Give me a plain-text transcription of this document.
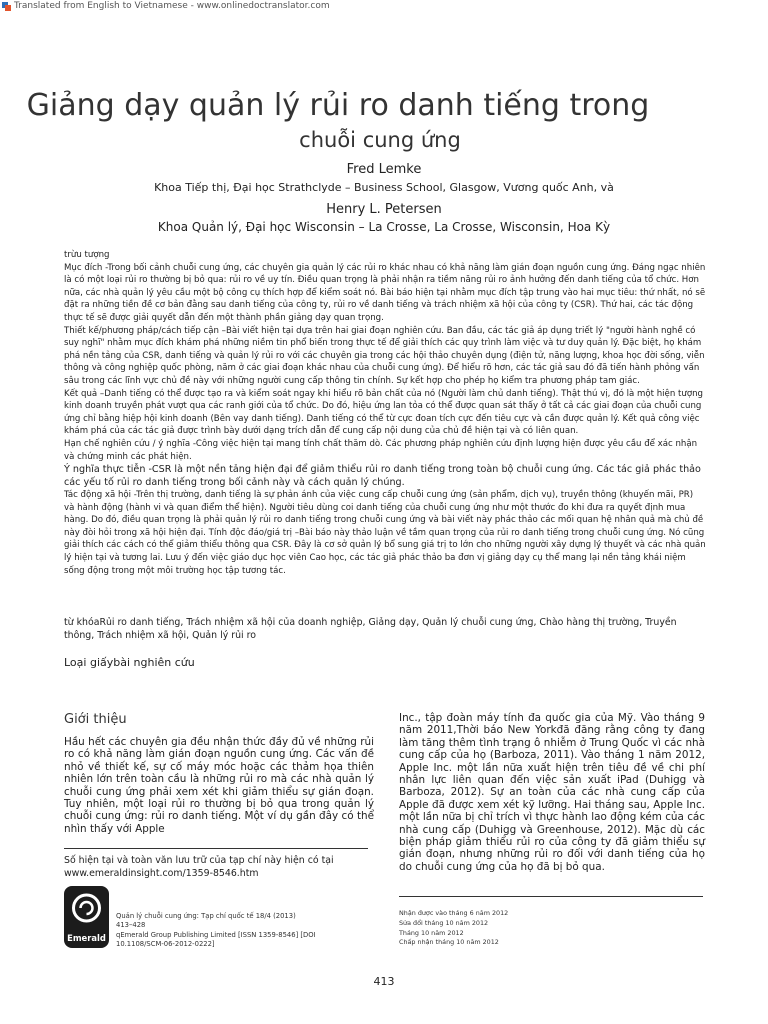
Translated from English to Vietnamese - www.onlinedoctranslator.com
Giảng dạy quản lý rủi ro danh tiếng trong
chuỗi cung ứng
Fred Lemke
Khoa Tiếp thị, Đại học Strathclyde – Business School, Glasgow, Vương quốc Anh, và
Henry L. Petersen
Khoa Quản lý, Đại học Wisconsin – La Crosse, La Crosse, Wisconsin, Hoa Kỳ
trừu tượng

Mục đích -Trong bối cảnh chuỗi cung ứng, các chuyên gia quản lý các rủi ro khác nhau có khả năng làm gián đoạn nguồn cung ứng. Đáng ngạc nhiên là có một loại rủi ro thường bị bỏ qua: rủi ro về uy tín. Điều quan trọng là phải nhận ra tiềm năng rủi ro ảnh hưởng đến danh tiếng của tổ chức. Hơn nữa, các nhà quản lý yêu cầu một bộ công cụ thích hợp để kiểm soát nó. Bài báo hiện tại nhằm mục đích tập trung vào hai mục tiêu: thứ nhất, nó sẽ đặt ra những tiền đề cơ bản đằng sau danh tiếng của công ty, rủi ro về danh tiếng và trách nhiệm xã hội của công ty (CSR). Thứ hai, các tác động thực tế sẽ được giải quyết dẫn đến một thành phần giảng dạy quan trọng.

Thiết kế/phương pháp/cách tiếp cận –Bài viết hiện tại dựa trên hai giai đoạn nghiên cứu. Ban đầu, các tác giả áp dụng triết lý "người hành nghề có suy nghĩ" nhằm mục đích khám phá những niềm tin phổ biến trong thực tế để giải thích các quy trình làm việc và tư duy quản lý. Đặc biệt, họ khám phá nền tảng của CSR, danh tiếng và quản lý rủi ro với các chuyên gia trong các hội thảo chuyên dụng (điện tử, năng lượng, khoa học đời sống, viễn thông và công nghiệp quốc phòng, năm ở các giai đoạn khác nhau của chuỗi cung ứng). Để hiểu rõ hơn, các tác giả sau đó đã tiến hành phỏng vấn sâu trong các lĩnh vực chủ đề này với những người cung cấp thông tin chính. Sự kết hợp cho phép họ kiểm tra phương pháp tam giác.

Kết quả –Danh tiếng có thể được tạo ra và kiểm soát ngay khi hiểu rõ bản chất của nó (Người làm chủ danh tiếng). Thật thú vị, đó là một hiện tượng kinh doanh truyền phát vượt qua các ranh giới của tổ chức. Do đó, hiệu ứng lan tỏa có thể được quan sát thấy ở tất cả các giai đoạn của chuỗi cung ứng chỉ bằng hiệp hội kinh doanh (Bên vay danh tiếng). Danh tiếng có thể từ cực đoan tích cực đến tiêu cực và cần được quản lý. Kết quả công việc khám phá của các tác giả được trình bày dưới dạng trích dẫn để cung cấp nội dung của chủ đề hiện tại và có liên quan.

Hạn chế nghiên cứu / ý nghĩa -Công việc hiện tại mang tính chất thăm dò. Các phương pháp nghiên cứu định lượng hiện được yêu cầu để xác nhận và chứng minh các phát hiện.

Ý nghĩa thực tiễn -CSR là một nền tảng hiện đại để giảm thiểu rủi ro danh tiếng trong toàn bộ chuỗi cung ứng. Các tác giả phác thảo các yếu tố rủi ro danh tiếng trong bối cảnh này và cách quản lý chúng.

Tác động xã hội -Trên thị trường, danh tiếng là sự phản ánh của việc cung cấp chuỗi cung ứng (sản phẩm, dịch vụ), truyền thông (khuyến mãi, PR) và hành động (hành vi và quan điểm thể hiện). Người tiêu dùng coi danh tiếng của chuỗi cung ứng như một thước đo khi đưa ra quyết định mua hàng. Do đó, điều quan trọng là phải quản lý rủi ro danh tiếng trong chuỗi cung ứng và bài viết này phác thảo các mối quan hệ nhân quả mà chủ đề này đòi hỏi trong xã hội hiện đại. Tính độc đáo/giá trị –Bài báo này thảo luận về tầm quan trọng của rủi ro danh tiếng trong chuỗi cung ứng. Nó cũng giải thích các cách có thể giảm thiểu thông qua CSR. Đây là cơ sở quản lý bổ sung giá trị to lớn cho những người xây dựng lý thuyết và các nhà quản lý hiện tại và tương lai. Lưu ý đến việc giáo dục học viên Cao học, các tác giả phác thảo ba đơn vị giảng dạy cụ thể mang lại nền tảng khái niệm sống động trong một môi trường học tập tương tác.

từ khóaRủi ro danh tiếng, Trách nhiệm xã hội của doanh nghiệp, Giảng dạy, Quản lý chuỗi cung ứng, Chào hàng thị trường, Truyền thông, Trách nhiệm xã hội, Quản lý rủi ro
Loại giấybài nghiên cứu
Giới thiệu

Hầu hết các chuyên gia đều nhận thức đầy đủ về những rủi ro có khả năng làm gián đoạn nguồn cung ứng. Các vấn đề nhỏ về thiết kế, sự cố máy móc hoặc các thảm họa thiên nhiên lớn trên toàn cầu là những rủi ro mà các nhà quản lý chuỗi cung ứng phải xem xét khi giảm thiểu sự gián đoạn. Tuy nhiên, một loại rủi ro thường bị bỏ qua trong quản lý chuỗi cung ứng: rủi ro danh tiếng. Một ví dụ gần đây có thể nhìn thấy với Apple

Inc., tập đoàn máy tính đa quốc gia của Mỹ. Vào tháng 9 năm 2011,Thời báo New Yorkđã đăng rằng công ty đang làm tăng thêm tình trạng ô nhiễm ở Trung Quốc vì các nhà cung cấp của họ (Barboza, 2011). Vào tháng 1 năm 2012, Apple Inc. một lần nữa xuất hiện trên tiêu đề về chi phí nhân lực liên quan đến việc sản xuất iPad (Duhigg và Barboza, 2012). Sự an toàn của các nhà cung cấp của Apple đã được xem xét kỹ lưỡng. Hai tháng sau, Apple Inc. một lần nữa bị chỉ trích vì thực hành lao động kém của các nhà cung cấp (Duhigg và Greenhouse, 2012). Mặc dù các biện pháp giảm thiểu rủi ro của công ty đã giảm thiểu sự gián đoạn, nhưng những rủi ro đối với danh tiếng của họ do chuỗi cung ứng của họ đã bị bỏ qua.

Số hiện tại và toàn văn lưu trữ của tạp chí này hiện có tại
www.emeraldinsight.com/1359-8546.htm
Emerald
Quản lý chuỗi cung ứng: Tạp chí quốc tế 18/4 (2013)
413–428
qEmerald Group Publishing Limited [ISSN 1359-8546] [DOI
10.1108/SCM-06-2012-0222]
Nhận được vào tháng 6 năm 2012
Sửa đổi tháng 10 năm 2012
Tháng 10 năm 2012
Chấp nhận tháng 10 năm 2012
413
